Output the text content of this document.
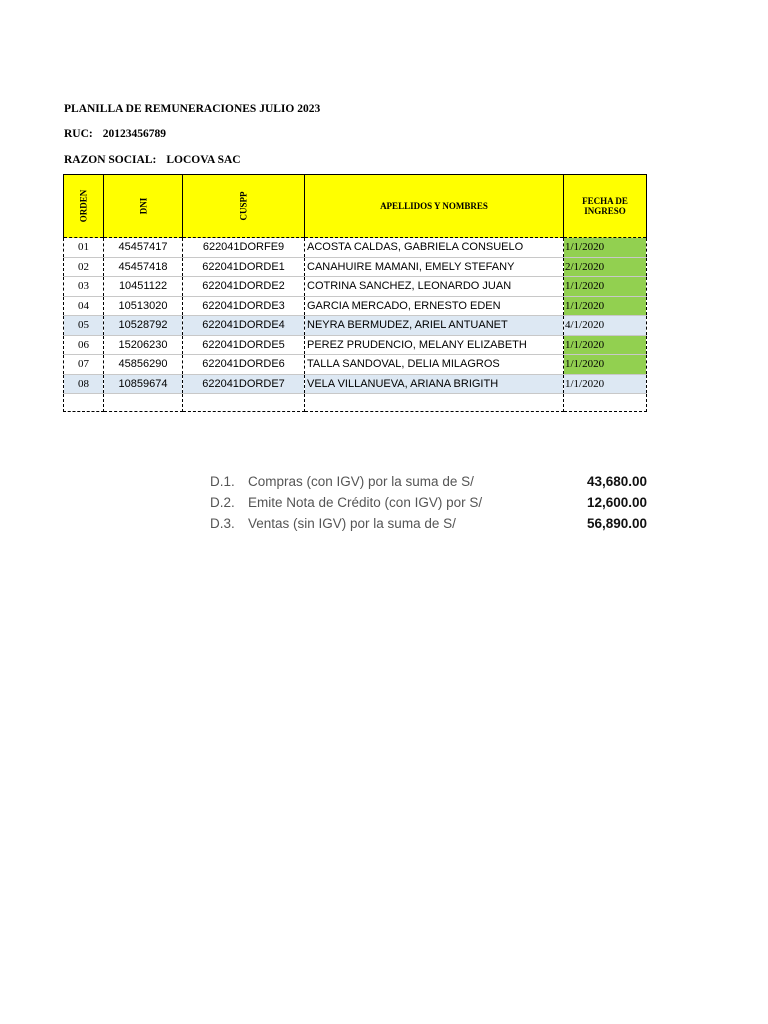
PLANILLA DE REMUNERACIONES JULIO 2023
RUC: 20123456789
RAZON SOCIAL: LOCOVA SAC
ORDEN	DNI	CUSPP	APELLIDOS Y NOMBRES	FECHA DE INGRESO
01	45457417	622041DORFE9	ACOSTA CALDAS, GABRIELA CONSUELO	1/1/2020
02	45457418	622041DORDE1	CANAHUIRE MAMANI, EMELY STEFANY	2/1/2020
03	10451122	622041DORDE2	COTRINA SANCHEZ, LEONARDO JUAN	1/1/2020
04	10513020	622041DORDE3	GARCIA MERCADO, ERNESTO EDEN	1/1/2020
05	10528792	622041DORDE4	NEYRA BERMUDEZ, ARIEL ANTUANET	4/1/2020
06	15206230	622041DORDE5	PEREZ PRUDENCIO, MELANY ELIZABETH	1/1/2020
07	45856290	622041DORDE6	TALLA SANDOVAL, DELIA MILAGROS	1/1/2020
08	10859674	622041DORDE7	VELA VILLANUEVA, ARIANA BRIGITH	1/1/2020

D.1. Compras (con IGV) por la suma de S/	43,680.00
D.2. Emite Nota de Crédito (con IGV) por S/	12,600.00
D.3. Ventas (sin IGV) por la suma de S/	56,890.00
